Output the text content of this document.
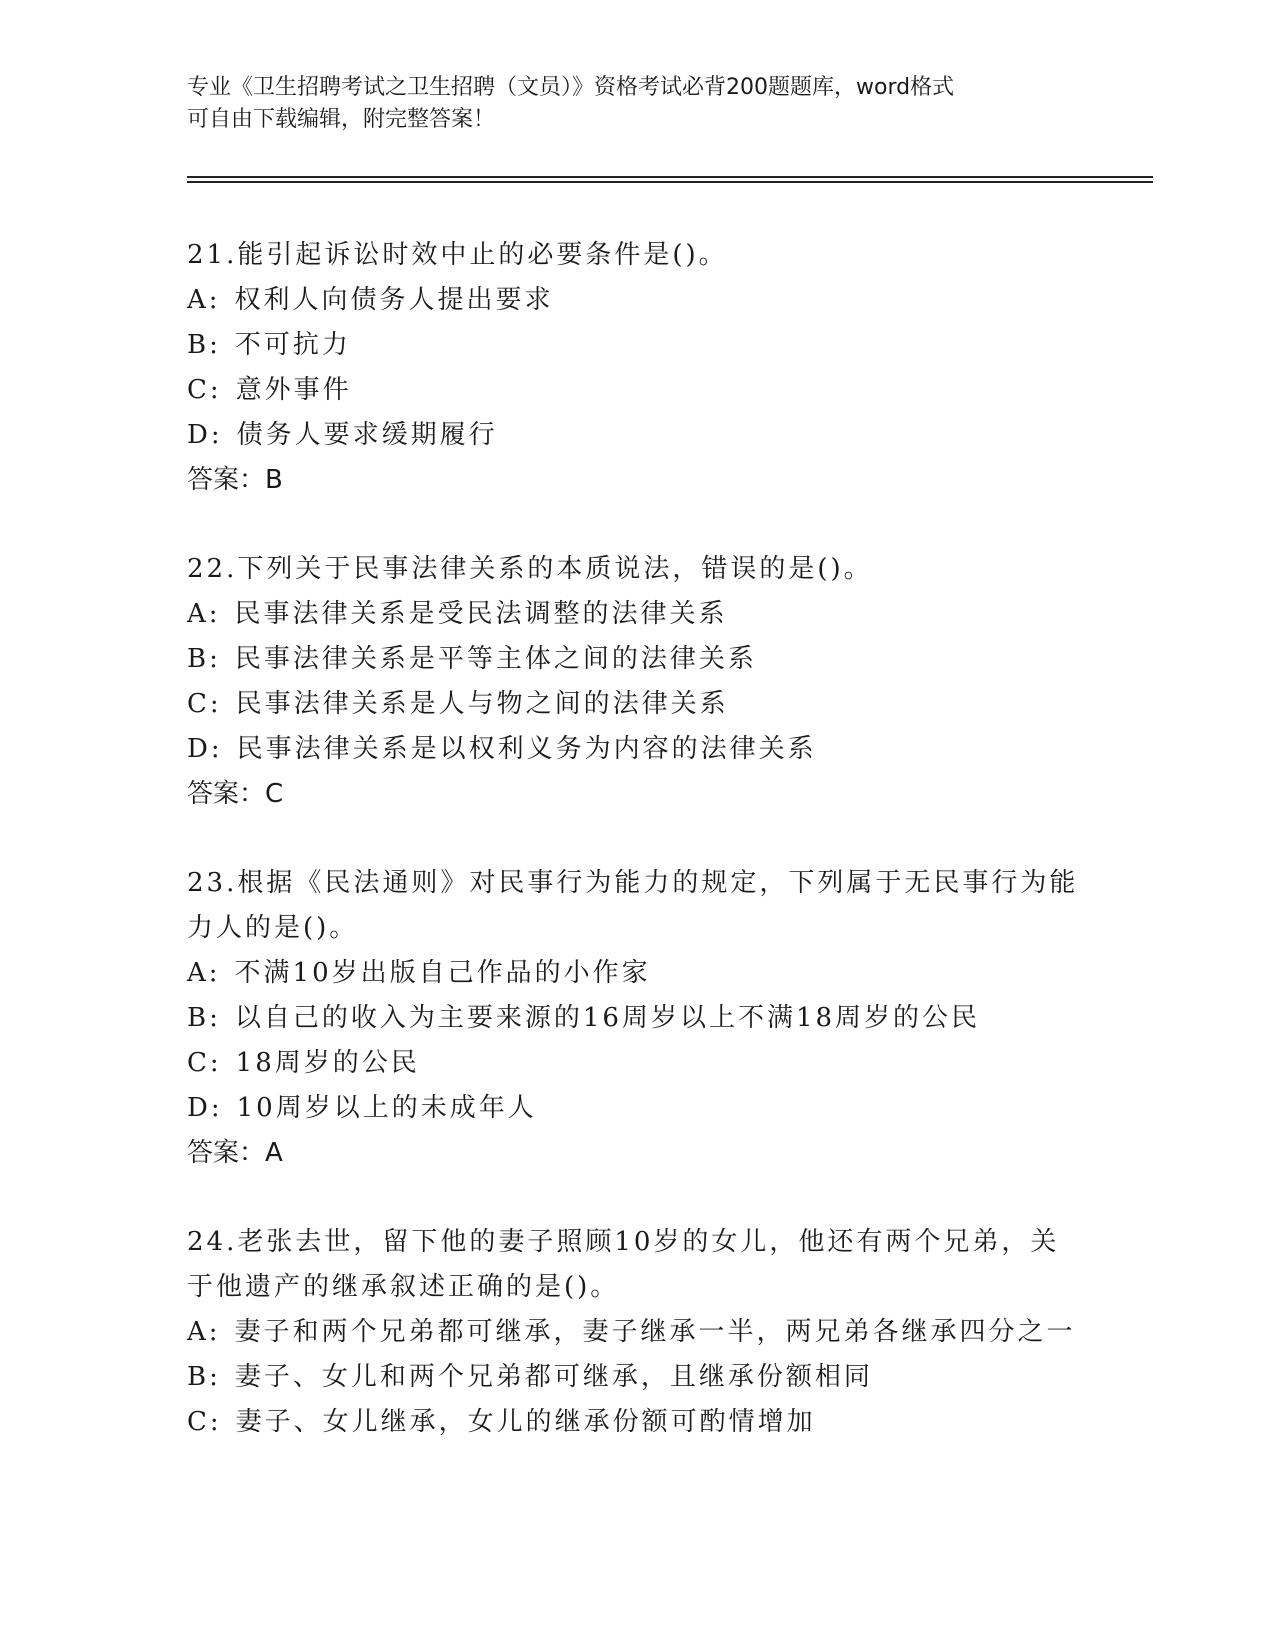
专业《卫生招聘考试之卫生招聘（文员）》资格考试必背200题题库，word格式
可自由下载编辑，附完整答案！

21.能引起诉讼时效中止的必要条件是()。

A: 权利人向债务人提出要求

B: 不可抗力

C: 意外事件

D: 债务人要求缓期履行

答案：B

22.下列关于民事法律关系的本质说法，错误的是()。

A: 民事法律关系是受民法调整的法律关系

B: 民事法律关系是平等主体之间的法律关系

C: 民事法律关系是人与物之间的法律关系

D: 民事法律关系是以权利义务为内容的法律关系

答案：C

23.根据《民法通则》对民事行为能力的规定，下列属于无民事行为能

力人的是()。

A: 不满10岁出版自己作品的小作家

B: 以自己的收入为主要来源的16周岁以上不满18周岁的公民

C: 18周岁的公民

D: 10周岁以上的未成年人

答案：A

24.老张去世，留下他的妻子照顾10岁的女儿，他还有两个兄弟，关

于他遗产的继承叙述正确的是()。

A: 妻子和两个兄弟都可继承，妻子继承一半，两兄弟各继承四分之一

B: 妻子、女儿和两个兄弟都可继承，且继承份额相同

C: 妻子、女儿继承，女儿的继承份额可酌情增加
